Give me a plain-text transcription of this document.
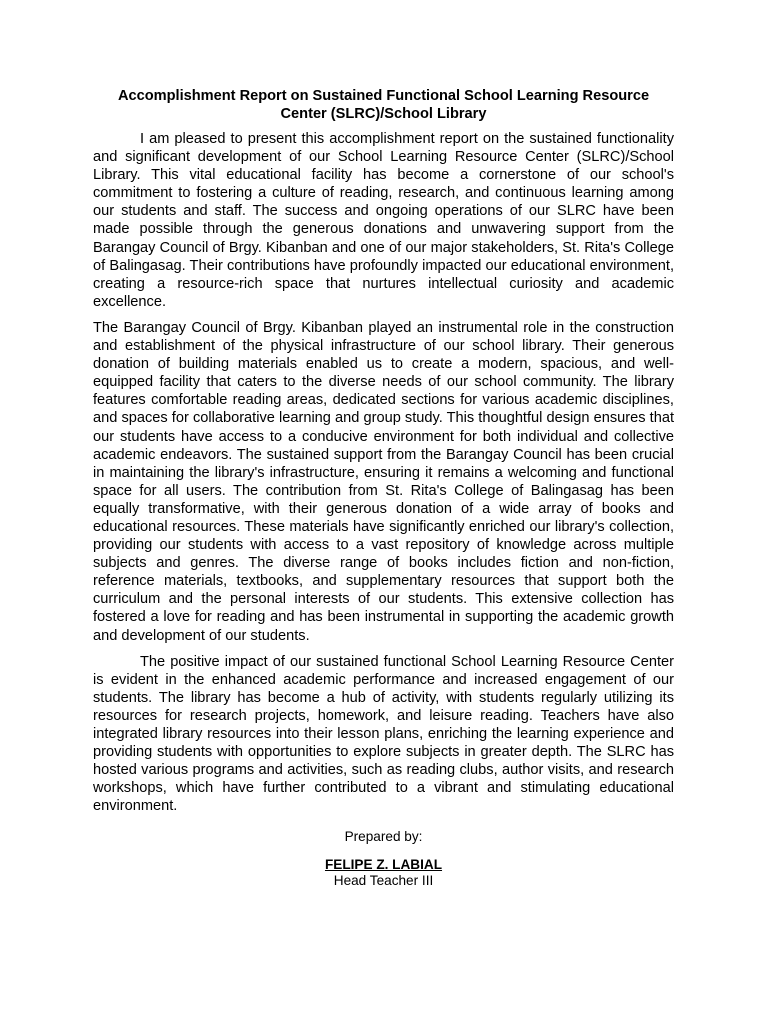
Accomplishment Report on Sustained Functional School Learning Resource Center (SLRC)/School Library

I am pleased to present this accomplishment report on the sustained functionality and significant development of our School Learning Resource Center (SLRC)/School Library. This vital educational facility has become a cornerstone of our school's commitment to fostering a culture of reading, research, and continuous learning among our students and staff. The success and ongoing operations of our SLRC have been made possible through the generous donations and unwavering support from the Barangay Council of Brgy. Kibanban and one of our major stakeholders, St. Rita's College of Balingasag. Their contributions have profoundly impacted our educational environment, creating a resource-rich space that nurtures intellectual curiosity and academic excellence.

The Barangay Council of Brgy. Kibanban played an instrumental role in the construction and establishment of the physical infrastructure of our school library. Their generous donation of building materials enabled us to create a modern, spacious, and well-equipped facility that caters to the diverse needs of our school community. The library features comfortable reading areas, dedicated sections for various academic disciplines, and spaces for collaborative learning and group study. This thoughtful design ensures that our students have access to a conducive environment for both individual and collective academic endeavors. The sustained support from the Barangay Council has been crucial in maintaining the library's infrastructure, ensuring it remains a welcoming and functional space for all users. The contribution from St. Rita's College of Balingasag has been equally transformative, with their generous donation of a wide array of books and educational resources. These materials have significantly enriched our library's collection, providing our students with access to a vast repository of knowledge across multiple subjects and genres. The diverse range of books includes fiction and non-fiction, reference materials, textbooks, and supplementary resources that support both the curriculum and the personal interests of our students. This extensive collection has fostered a love for reading and has been instrumental in supporting the academic growth and development of our students.

The positive impact of our sustained functional School Learning Resource Center is evident in the enhanced academic performance and increased engagement of our students. The library has become a hub of activity, with students regularly utilizing its resources for research projects, homework, and leisure reading. Teachers have also integrated library resources into their lesson plans, enriching the learning experience and providing students with opportunities to explore subjects in greater depth. The SLRC has hosted various programs and activities, such as reading clubs, author visits, and research workshops, which have further contributed to a vibrant and stimulating educational environment.

Prepared by:
FELIPE Z. LABIAL
Head Teacher III
